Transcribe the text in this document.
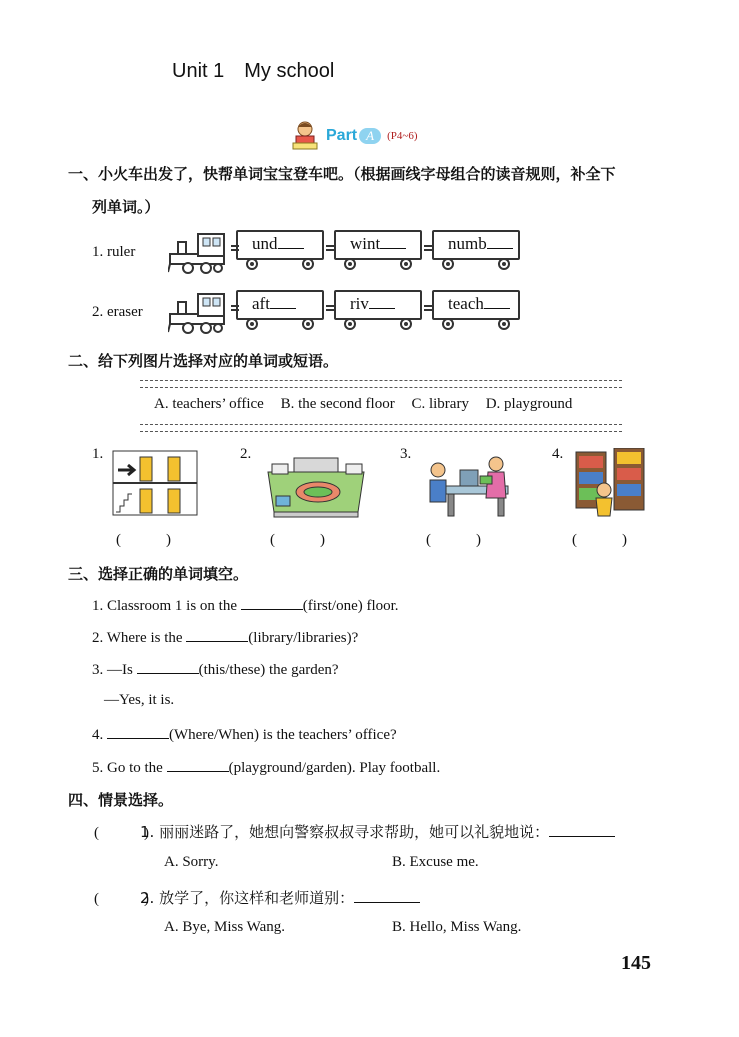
Unit 1 My school
Part A	(P4~6)
一、小火车出发了，快帮单词宝宝登车吧。（根据画线字母组合的读音规则，补全下
列单词。）
1. ruler	und	wint	numb
2. eraser	aft	riv	teach
二、给下列图片选择对应的单词或短语。
A. teachers’ office B. the second floor C. library D. playground
1.
(　　　)
2.
(　　　)
3.
(　　　)
4.
(　　　)
三、选择正确的单词填空。
1. Classroom 1 is on the	(first/one) floor.
2. Where is the	(library/libraries)?
3. —Is	(this/these) the garden?
—Yes, it is.
4.	(Where/When) is the teachers’ office?
5. Go to the	(playground/garden). Play football.
四、情景选择。
(　　　)
1. 丽丽迷路了，她想向警察叔叔寻求帮助，她可以礼貌地说：
A. Sorry.	B. Excuse me.
(　　　)
2. 放学了，你这样和老师道别：
A. Bye, Miss Wang.	B. Hello, Miss Wang.
145
